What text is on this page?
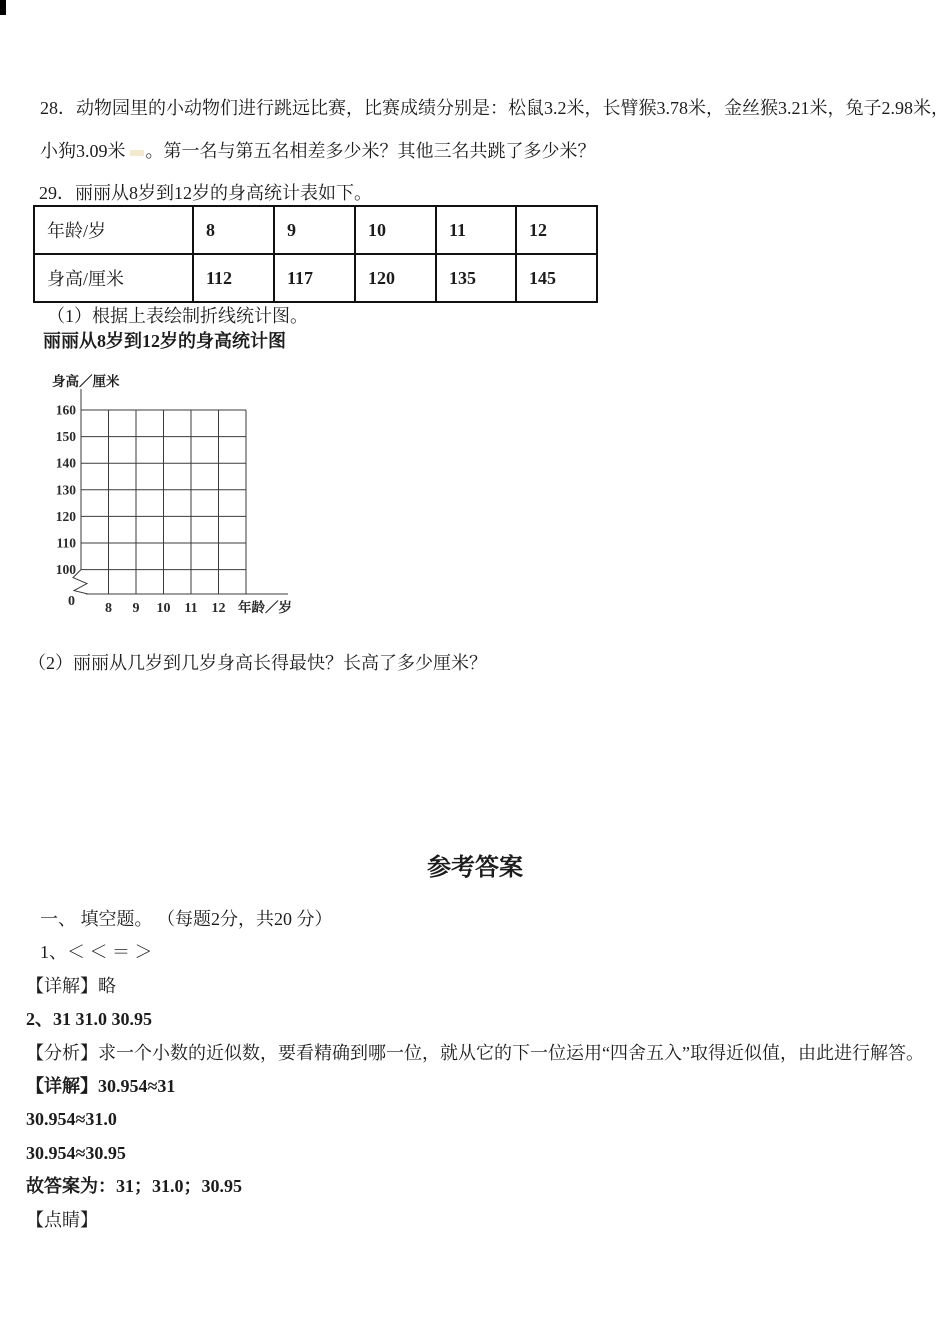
28．动物园里的小动物们进行跳远比赛，比赛成绩分别是：松鼠3.2米，长臂猴3.78米，金丝猴3.21米，兔子2.98米，
小狗3.09米 。第一名与第五名相差多少米？其他三名共跳了多少米？
29．丽丽从8岁到12岁的身高统计表如下。
年龄/岁	8	9	10	11	12
身高/厘米	112	117	120	135	145
（1）根据上表绘制折线统计图。
丽丽从8岁到12岁的身高统计图
身高／厘米
160
150
140
130
120
110
100
8 9 10 11 12
0	年龄／岁
（2）丽丽从几岁到几岁身高长得最快？长高了多少厘米？
参考答案
一、 填空题。 （每题2分，共20 分）
1、＜ ＜ ＝ ＞
【详解】略
2、31 31.0 30.95
【分析】求一个小数的近似数，要看精确到哪一位，就从它的下一位运用“四舍五入”取得近似值，由此进行解答。
【详解】30.954≈31
30.954≈31.0
30.954≈30.95
故答案为：31；31.0；30.95
【点睛】
